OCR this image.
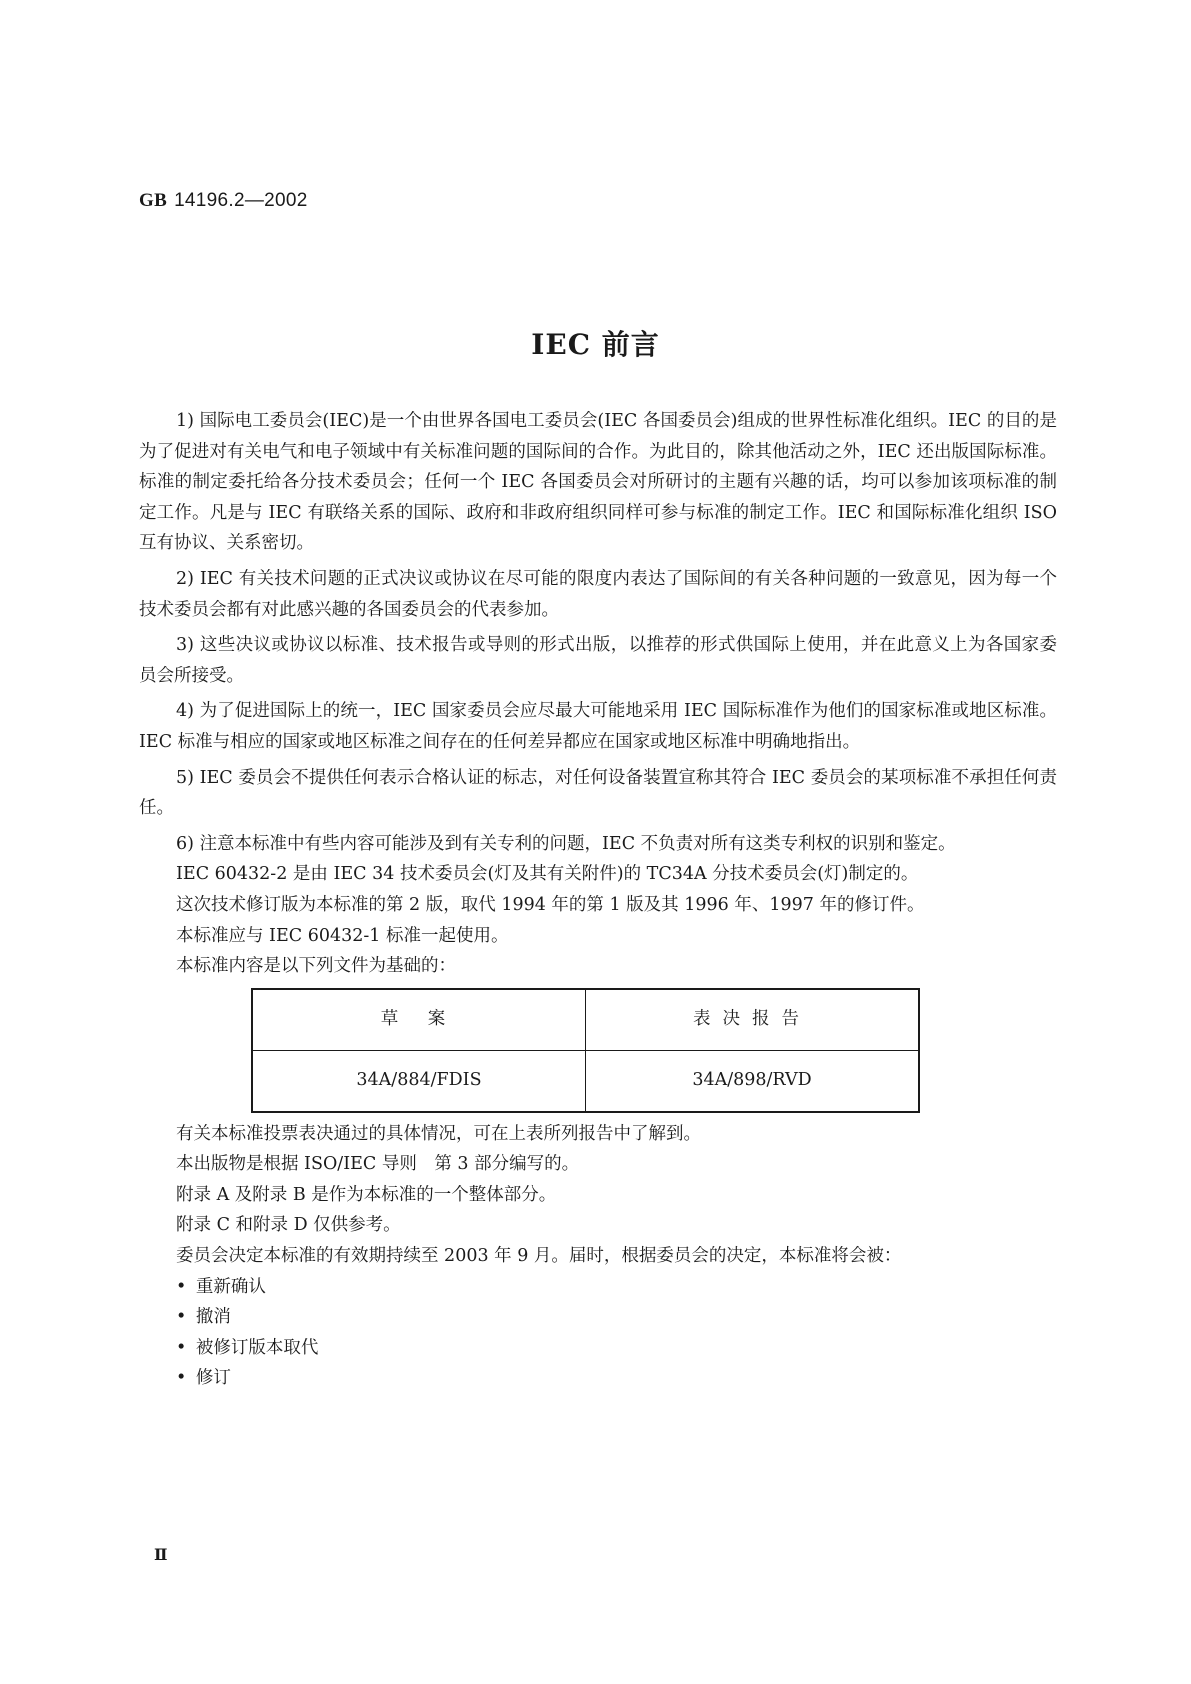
GB 14196.2—2002
IEC 前言

1) 国际电工委员会(IEC)是一个由世界各国电工委员会(IEC 各国委员会)组成的世界性标准化组织。IEC 的目的是为了促进对有关电气和电子领域中有关标准问题的国际间的合作。为此目的，除其他活动之外，IEC 还出版国际标准。标准的制定委托给各分技术委员会；任何一个 IEC 各国委员会对所研讨的主题有兴趣的话，均可以参加该项标准的制定工作。凡是与 IEC 有联络关系的国际、政府和非政府组织同样可参与标准的制定工作。IEC 和国际标准化组织 ISO 互有协议、关系密切。

2) IEC 有关技术问题的正式决议或协议在尽可能的限度内表达了国际间的有关各种问题的一致意见，因为每一个技术委员会都有对此感兴趣的各国委员会的代表参加。

3) 这些决议或协议以标准、技术报告或导则的形式出版，以推荐的形式供国际上使用，并在此意义上为各国家委员会所接受。

4) 为了促进国际上的统一，IEC 国家委员会应尽最大可能地采用 IEC 国际标准作为他们的国家标准或地区标准。IEC 标准与相应的国家或地区标准之间存在的任何差异都应在国家或地区标准中明确地指出。

5) IEC 委员会不提供任何表示合格认证的标志，对任何设备装置宣称其符合 IEC 委员会的某项标准不承担任何责任。

6) 注意本标准中有些内容可能涉及到有关专利的问题，IEC 不负责对所有这类专利权的识别和鉴定。

IEC 60432-2 是由 IEC 34 技术委员会(灯及其有关附件)的 TC34A 分技术委员会(灯)制定的。

这次技术修订版为本标准的第 2 版，取代 1994 年的第 1 版及其 1996 年、1997 年的修订件。

本标准应与 IEC 60432-1 标准一起使用。

本标准内容是以下列文件为基础的：

草 案	表决报告
34A/884/FDIS	34A/898/RVD

有关本标准投票表决通过的具体情况，可在上表所列报告中了解到。

本出版物是根据 ISO/IEC 导则　第 3 部分编写的。

附录 A 及附录 B 是作为本标准的一个整体部分。

附录 C 和附录 D 仅供参考。

委员会决定本标准的有效期持续至 2003 年 9 月。届时，根据委员会的决定，本标准将会被：

• 重新确认
• 撤消
• 被修订版本取代
• 修订
Ⅱ
